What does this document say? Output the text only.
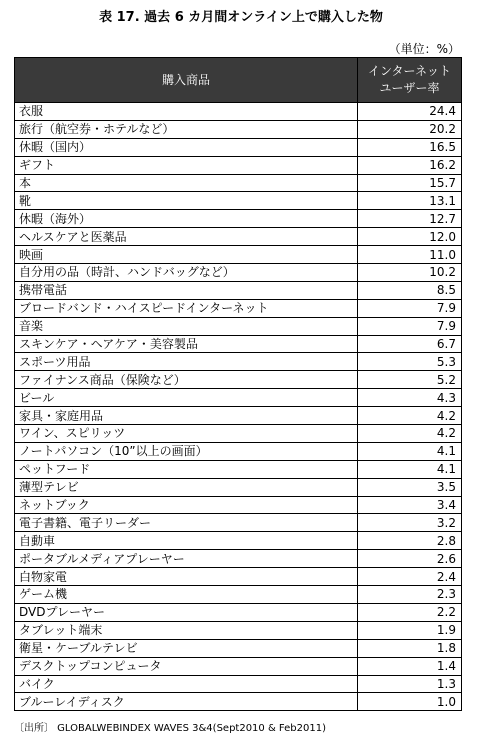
表 17. 過去 6 カ月間オンライン上で購入した物
（単位：%）
購入商品	インターネット
ユーザー率
衣服	24.4
旅行（航空券・ホテルなど）	20.2
休暇（国内）	16.5
ギフト	16.2
本	15.7
靴	13.1
休暇（海外）	12.7
ヘルスケアと医薬品	12.0
映画	11.0
自分用の品（時計、ハンドバッグなど）	10.2
携帯電話	8.5
ブロードバンド・ハイスピードインターネット	7.9
音楽	7.9
スキンケア・ヘアケア・美容製品	6.7
スポーツ用品	5.3
ファイナンス商品（保険など）	5.2
ビール	4.3
家具・家庭用品	4.2
ワイン、スピリッツ	4.2
ノートパソコン（10”以上の画面）	4.1
ペットフード	4.1
薄型テレビ	3.5
ネットブック	3.4
電子書籍、電子リーダー	3.2
自動車	2.8
ポータブルメディアプレーヤー	2.6
白物家電	2.4
ゲーム機	2.3
DVDプレーヤー	2.2
タブレット端末	1.9
衛星・ケーブルテレビ	1.8
デスクトップコンピュータ	1.4
バイク	1.3
ブルーレイディスク	1.0
〔出所〕 GLOBALWEBINDEX WAVES 3&4(Sept2010 & Feb2011)
